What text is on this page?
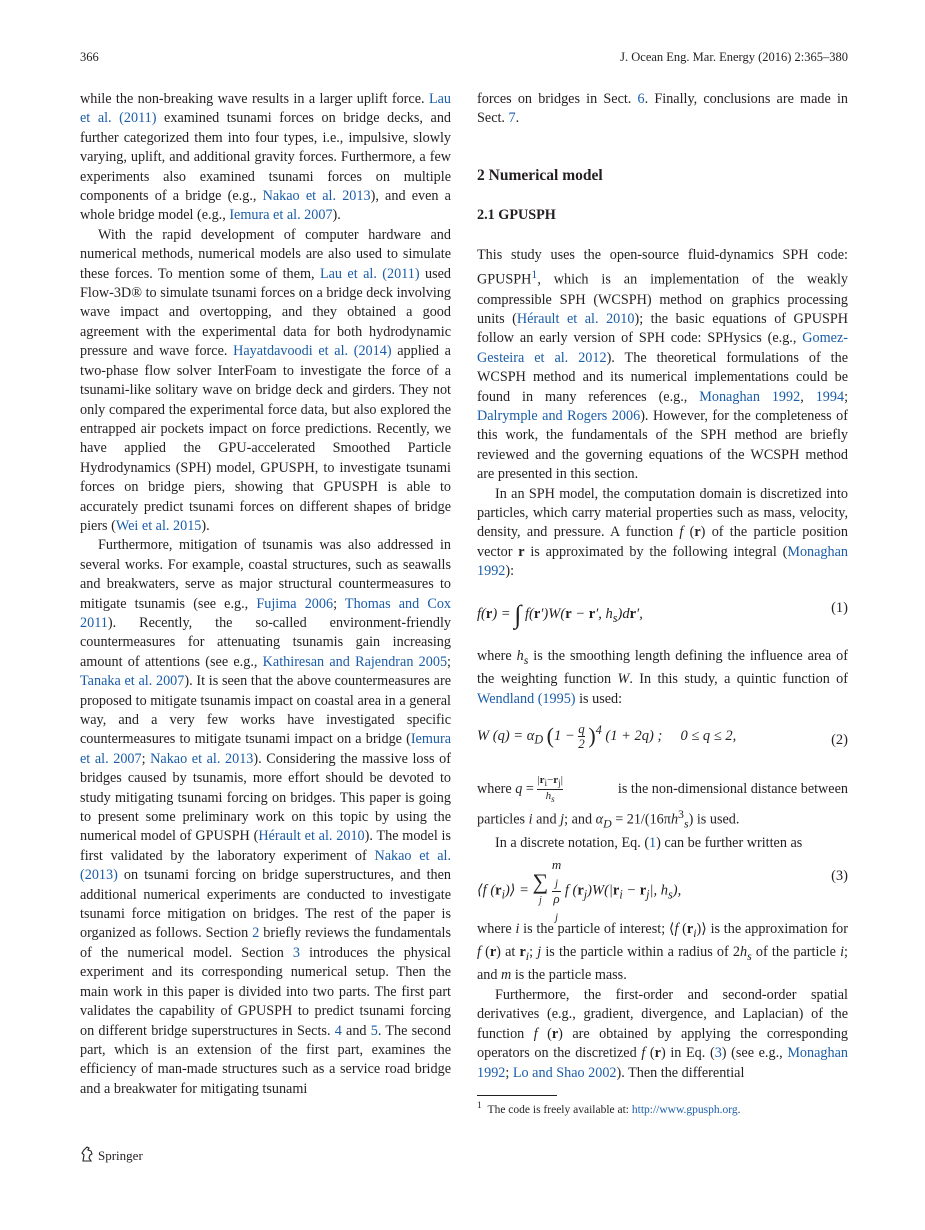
366	J. Ocean Eng. Mar. Energy (2016) 2:365–380

while the non-breaking wave results in a larger uplift force. Lau et al. (2011) examined tsunami forces on bridge decks, and further categorized them into four types, i.e., impulsive, slowly varying, uplift, and additional gravity forces. Furthermore, a few experiments also examined tsunami forces on multiple components of a bridge (e.g., Nakao et al. 2013), and even a whole bridge model (e.g., Iemura et al. 2007).

With the rapid development of computer hardware and numerical methods, numerical models are also used to simulate these forces. To mention some of them, Lau et al. (2011) used Flow-3D® to simulate tsunami forces on a bridge deck involving wave impact and overtopping, and they obtained a good agreement with the experimental data for both hydrodynamic pressure and wave force. Hayatdavoodi et al. (2014) applied a two-phase flow solver InterFoam to investigate the force of a tsunami-like solitary wave on bridge deck and girders. They not only compared the experimental force data, but also explored the entrapped air pockets impact on force predictions. Recently, we have applied the GPU-accelerated Smoothed Particle Hydrodynamics (SPH) model, GPUSPH, to investigate tsunami forces on bridge piers, showing that GPUSPH is able to accurately predict tsunami forces on different shapes of bridge piers (Wei et al. 2015).

Furthermore, mitigation of tsunamis was also addressed in several works. For example, coastal structures, such as seawalls and breakwaters, serve as major structural countermeasures to mitigate tsunamis (see e.g., Fujima 2006; Thomas and Cox 2011). Recently, the so-called environment-friendly countermeasures for attenuating tsunamis gain increasing amount of attentions (see e.g., Kathiresan and Rajendran 2005; Tanaka et al. 2007). It is seen that the above countermeasures are proposed to mitigate tsunamis impact on coastal area in a general way, and a very few works have investigated specific countermeasures to mitigate tsunami impact on a bridge (Iemura et al. 2007; Nakao et al. 2013). Considering the massive loss of bridges caused by tsunamis, more effort should be devoted to study mitigating tsunami forcing on bridges. This paper is going to present some preliminary work on this topic by using the numerical model of GPUSPH (Hérault et al. 2010). The model is first validated by the laboratory experiment of Nakao et al. (2013) on tsunami forcing on bridge superstructures, and then additional numerical experiments are conducted to investigate tsunami force mitigation on bridges. The rest of the paper is organized as follows. Section 2 briefly reviews the fundamentals of the numerical model. Section 3 introduces the physical experiment and its corresponding numerical setup. Then the main work in this paper is divided into two parts. The first part validates the capability of GPUSPH to predict tsunami forcing on different bridge superstructures in Sects. 4 and 5. The second part, which is an extension of the first part, examines the efficiency of man-made structures such as a service road bridge and a breakwater for mitigating tsunami

forces on bridges in Sect. 6. Finally, conclusions are made in Sect. 7.

2 Numerical model
2.1 GPUSPH

This study uses the open-source fluid-dynamics SPH code: GPUSPH$^1$, which is an implementation of the weakly compressible SPH (WCSPH) method on graphics processing units (Hérault et al. 2010); the basic equations of GPUSPH follow an early version of SPH code: SPHysics (e.g., Gomez-Gesteira et al. 2012). The theoretical formulations of the WCSPH method and its numerical implementations could be found in many references (e.g., Monaghan 1992, 1994; Dalrymple and Rogers 2006). However, for the completeness of this work, the fundamentals of the SPH method are briefly reviewed and the governing equations of the WCSPH method are presented in this section.

In an SPH model, the computation domain is discretized into particles, which carry material properties such as mass, velocity, density, and pressure. A function f (r) of the particle position vector r is approximated by the following integral (Monaghan 1992):

f(r) = ∫ f(r′)W(r − r′, $h_s)dr'$,	(1)

where $h_s$ is the smoothing length defining the influence area of the weighting function W. In this study, a quintic function of Wendland (1995) is used:

W $(q) = \alpha_D$ $(1 - \frac{q}{2} )^4$ (1 + 2q) ;     0 ≤ q ≤ 2,	(2)

where $q = \frac{|r_i-r_j|}{h_s}$	is the non-dimensional distance between

particles i and j; and $\alpha_D = 21/(16\pi h^3_s)$ is used.

In a discrete notation, Eq. (1) can be further written as

⟨f $(r_i)⟩$ = ∑
j m
$_j$
ρ
$_j$ f $(r_j)W(|r_i - r_j|$, $h_s$),
(3)

where i is the particle of interest; ⟨f $(r_i)⟩$ is the approximation for f (r) at $r_i$; j is the particle within a radius of $2h_s$ of the particle i; and m is the particle mass.

Furthermore, the first-order and second-order spatial derivatives (e.g., gradient, divergence, and Laplacian) of the function f (r) are obtained by applying the corresponding operators on the discretized f (r) in Eq. (3) (see e.g., Monaghan 1992; Lo and Shao 2002). Then the differential

$^1$ The code is freely available at: http://www.gpusph.org.
Springer
